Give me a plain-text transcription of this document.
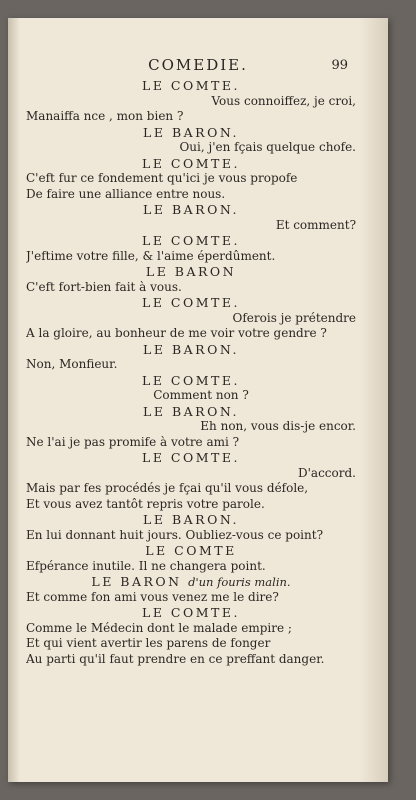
COMEDIE.	99
LE COMTE.
Vous connoiffez, je croi,
Manaiffa nce , mon bien ?
LE BARON.
Oui, j'en fçais quelque chofe.
LE COMTE.
C'eft fur ce fondement qu'ici je vous propofe
De faire une alliance entre nous.
LE BARON.
Et comment?
LE COMTE.
J'eftime votre fille, & l'aime éperdûment.
LE BARON
C'eft fort-bien fait à vous.
LE COMTE.
Oferois je prétendre
A la gloire, au bonheur de me voir votre gendre ?
LE BARON.
Non, Monfieur.
LE COMTE.
Comment non ?
LE BARON.
Eh non, vous dis-je encor.
Ne l'ai je pas promife à votre ami ?
LE COMTE.
D'accord.
Mais par fes procédés je fçai qu'il vous défole,
Et vous avez tantôt repris votre parole.
LE BARON.
En lui donnant huit jours. Oubliez-vous ce point?
LE COMTE
Efpérance inutile. Il ne changera point.
LE BARON d'un fouris malin.
Et comme fon ami vous venez me le dire?
LE COMTE.
Comme le Médecin dont le malade empire ;
Et qui vient avertir les parens de fonger
Au parti qu'il faut prendre en ce preffant danger.
